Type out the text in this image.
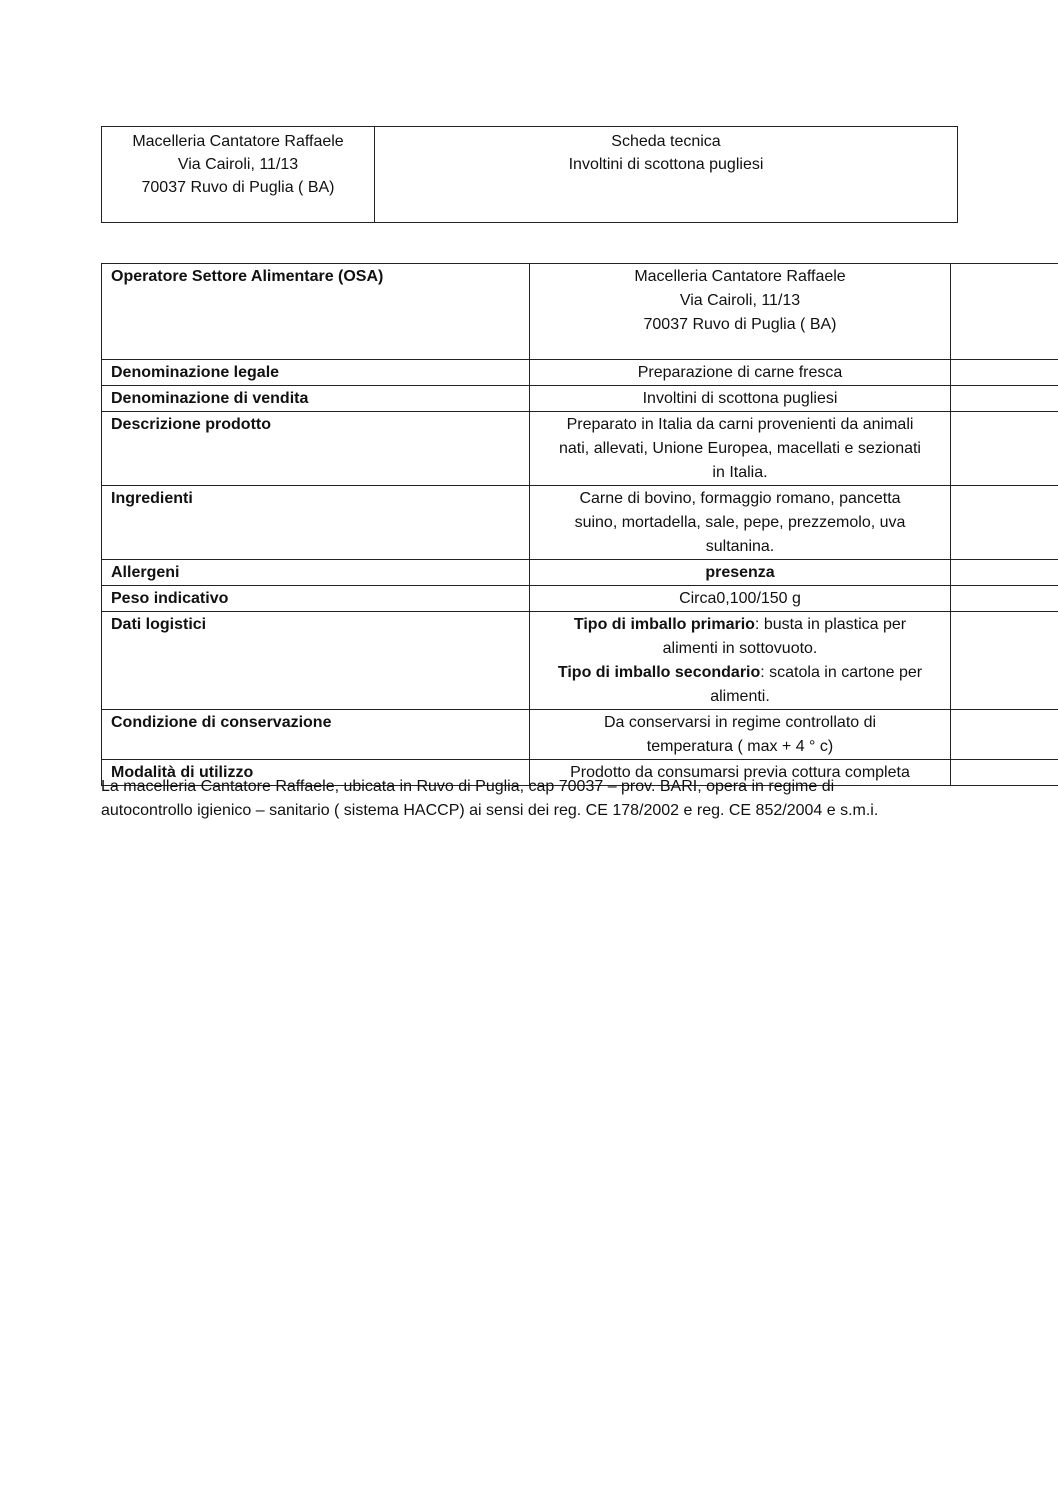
Macelleria Cantatore Raffaele
Via Cairoli, 11/13
70037 Ruvo di Puglia ( BA)

Scheda tecnica
Involtini di scottona pugliesi
Operatore Settore Alimentare (OSA)	Macelleria Cantatore Raffaele
Via Cairoli, 11/13
70037 Ruvo di Puglia ( BA)	

Denominazione legale	Preparazione di carne fresca	
Denominazione di vendita	Involtini di scottona pugliesi	
Descrizione prodotto	Preparato in Italia da carni provenienti da animali
nati, allevati, Unione Europea, macellati e sezionati
in Italia.	

Ingredienti	Carne di bovino, formaggio romano, pancetta
suino, mortadella, sale, pepe, prezzemolo, uva
sultanina.	

Allergeni	presenza	
Peso indicativo	Circa0,100/150 g	
Dati logistici	Tipo di imballo primario: busta in plastica per
alimenti in sottovuoto.
Tipo di imballo secondario: scatola in cartone per
alimenti.	

Condizione di conservazione	Da conservarsi in regime controllato di
temperatura ( max + 4 ° c)	

Modalità di utilizzo	Prodotto da consumarsi previa cottura completa	
La macelleria Cantatore Raffaele, ubicata in Ruvo di Puglia, cap 70037 – prov. BARI, opera in regime di
autocontrollo igienico – sanitario ( sistema HACCP) ai sensi dei reg. CE 178/2002 e reg. CE 852/2004 e s.m.i.
